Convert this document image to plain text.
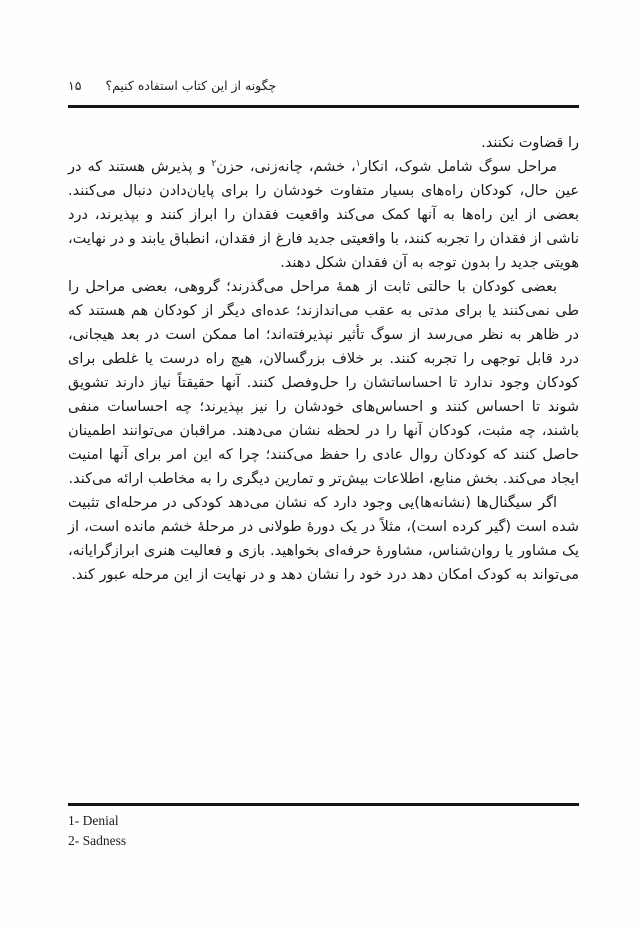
۱۵ چگونه از این کتاب استفاده کنیم؟

را قضاوت نکنند.

مراحل سوگ شامل شوک، انکار$^۱$، خشم، چانه‌زنی، حزن$^۲$ و پذیرش هستند که در عین حال، کودکان راه‌های بسیار متفاوت خودشان را برای پایان‌دادن دنبال می‌کنند. بعضی از این راه‌ها به آنها کمک می‌کند واقعیت فقدان را ابراز کنند و بپذیرند، درد ناشی از فقدان را تجربه کنند، با واقعیتی جدید فارغ از فقدان، انطباق یابند و در نهایت، هویتی جدید را بدون توجه به آن فقدان شکل دهند.

بعضی کودکان با حالتی ثابت از همۀ مراحل می‌گذرند؛ گروهی، بعضی مراحل را طی نمی‌کنند یا برای مدتی به عقب می‌اندازند؛ عده‌ای دیگر از کودکان هم هستند که در ظاهر به نظر می‌رسد از سوگ تأثیر نپذیرفته‌اند؛ اما ممکن است در بعد هیجانی، درد قابل توجهی را تجربه کنند. بر خلاف بزرگسالان، هیچ راه درست یا غلطی برای کودکان وجود ندارد تا احساساتشان را حل‌وفصل کنند. آنها حقیقتاً نیاز دارند تشویق شوند تا احساس کنند و احساس‌های خودشان را نیز بپذیرند؛ چه احساسات منفی باشند، چه مثبت، کودکان آنها را در لحظه نشان می‌دهند. مراقبان می‌توانند اطمینان حاصل کنند که کودکان روال عادی را حفظ می‌کنند؛ چرا که این امر برای آنها امنیت ایجاد می‌کند. بخش منابع، اطلاعات بیش‌تر و تمارین دیگری را به مخاطب ارائه می‌کند.

اگر سیگنال‌ها (نشانه‌ها)یی وجود دارد که نشان می‌دهد کودکی در مرحله‌ای تثبیت شده است (گیر کرده است)، مثلاً در یک دورۀ طولانی در مرحلۀ خشم مانده است، از یک مشاور یا روان‌شناس، مشاورۀ حرفه‌ای بخواهید. بازی و فعالیت هنری ابرازگرایانه، می‌تواند به کودک امکان دهد درد خود را نشان دهد و در نهایت از این مرحله عبور کند.

1- Denial
2- Sadness
